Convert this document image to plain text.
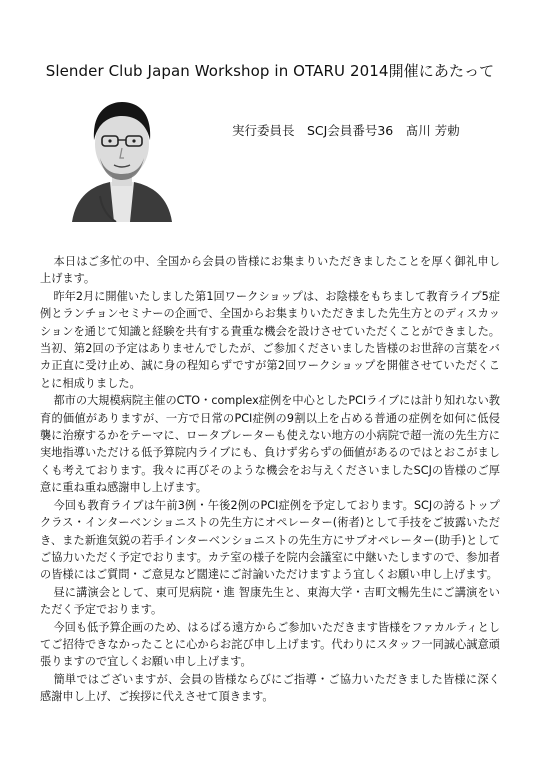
Slender Club Japan Workshop in OTARU 2014開催にあたって
実行委員長　SCJ会員番号36　髙川 芳勅

本日はご多忙の中、全国から会員の皆様にお集まりいただきましたことを厚く御礼申し上げます。

昨年2月に開催いたしました第1回ワークショップは、お陰様をもちまして教育ライブ5症例とランチョンセミナーの企画で、全国からお集まりいただきました先生方とのディスカッションを通じて知識と経験を共有する貴重な機会を設けさせていただくことができました。当初、第2回の予定はありませんでしたが、ご参加くださいました皆様のお世辞の言葉をバカ正直に受け止め、誠に身の程知らずですが第2回ワークショップを開催させていただくことに相成りました。

都市の大規模病院主催のCTO・complex症例を中心としたPCIライブには計り知れない教育的価値がありますが、一方で日常のPCI症例の9割以上を占める普通の症例を如何に低侵襲に治療するかをテーマに、ロータブレーターも使えない地方の小病院で超一流の先生方に実地指導いただける低予算院内ライブにも、負けず劣らずの価値があるのではとおこがましくも考えております。我々に再びそのような機会をお与えくださいましたSCJの皆様のご厚意に重ね重ね感謝申し上げます。

今回も教育ライブは午前3例・午後2例のPCI症例を予定しております。SCJの誇るトップクラス・インターベンショニストの先生方にオペレーター(術者)として手技をご披露いただき、また新進気鋭の若手インターベンショニストの先生方にサブオペレーター(助手)としてご協力いただく予定でおります。カテ室の様子を院内会議室に中継いたしますので、参加者の皆様にはご質問・ご意見など闊達にご討論いただけますよう宜しくお願い申し上げます。

昼に講演会として、東可児病院・進 智康先生と、東海大学・吉町文暢先生にご講演をいただく予定でおります。

今回も低予算企画のため、はるばる遠方からご参加いただきます皆様をファカルティとしてご招待できなかったことに心からお詫び申し上げます。代わりにスタッフ一同誠心誠意頑張りますので宜しくお願い申し上げます。

簡単ではございますが、会員の皆様ならびにご指導・ご協力いただきました皆様に深く感謝申し上げ、ご挨拶に代えさせて頂きます。
